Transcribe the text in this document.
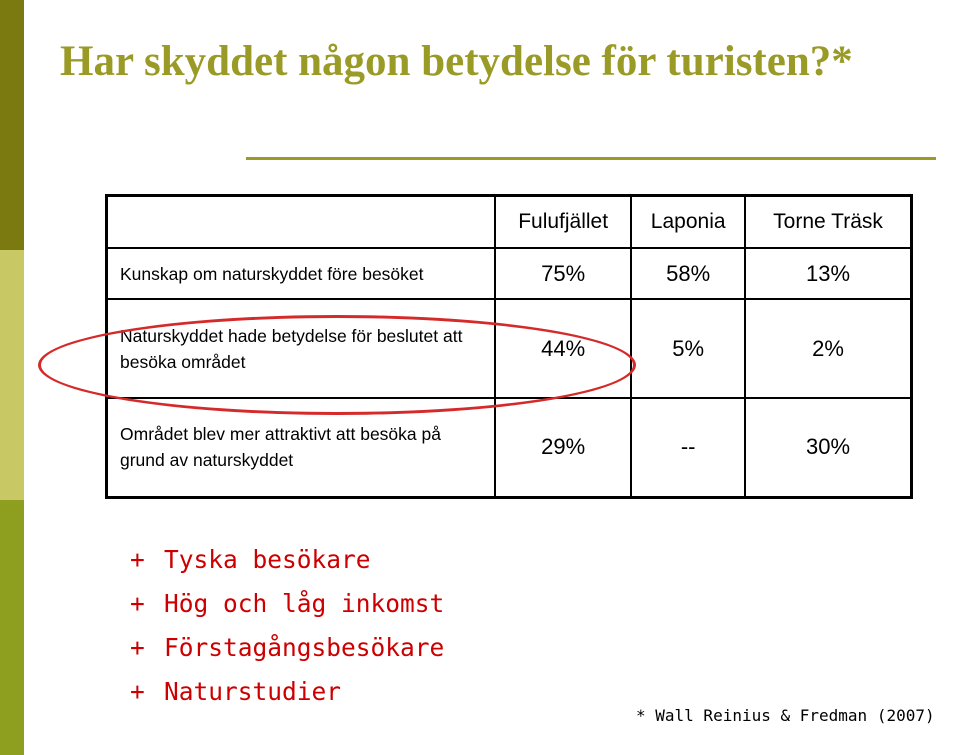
Har skyddet någon betydelse för turisten?*
	Fulufjället	Laponia	Torne Träsk
Kunskap om naturskyddet före besöket	75%	58%	13%
Naturskyddet hade betydelse för beslutet att besöka området	44%	5%	2%
Området blev mer attraktivt att besöka på grund av naturskyddet	29%	--	30%
+ Tyska besökare
+ Hög och låg inkomst
+ Förstagångsbesökare
+ Naturstudier
* Wall Reinius & Fredman (2007)
